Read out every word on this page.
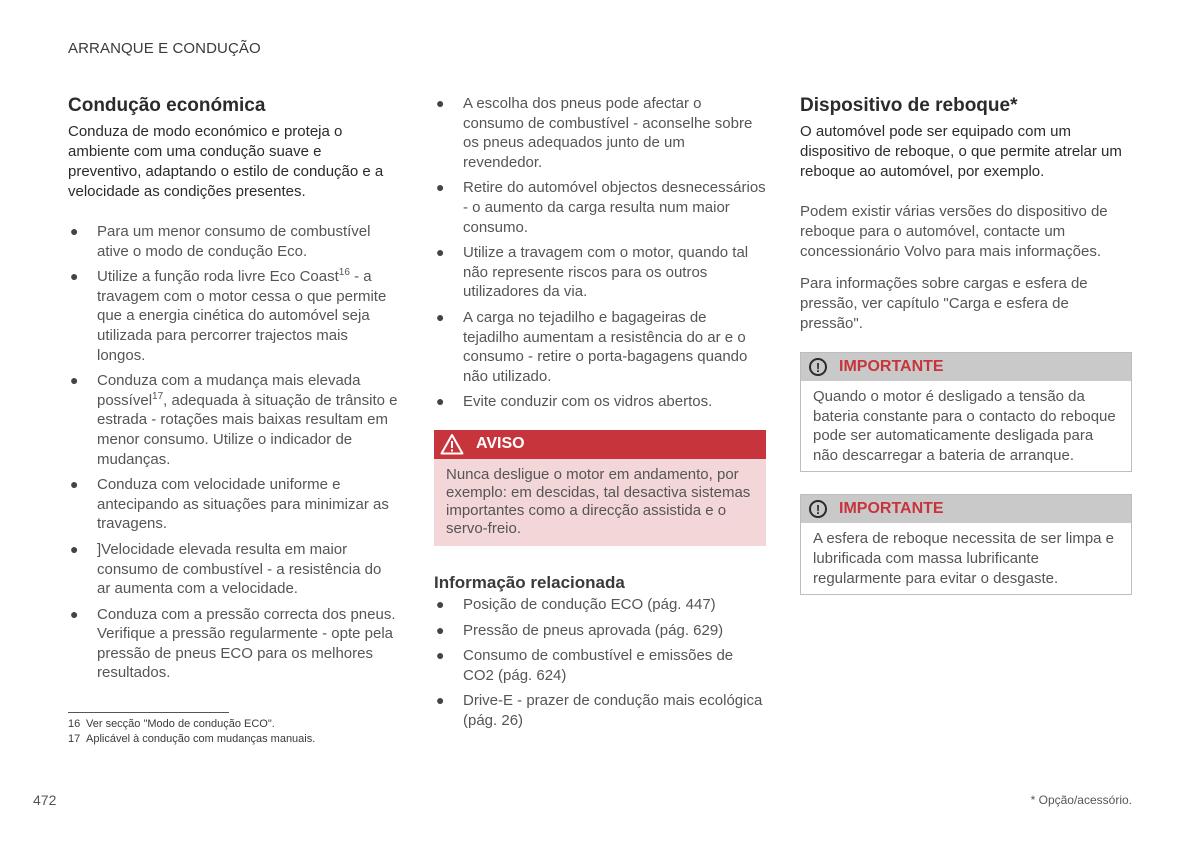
ARRANQUE E CONDUÇÃO
Condução económica

Conduza de modo económico e proteja o ambiente com uma condução suave e preventivo, adaptando o estilo de condução e a velocidade as condições presentes.

● Para um menor consumo de combustível ative o modo de condução Eco.
● Utilize a função roda livre Eco Coast$^{16}$ - a travagem com o motor cessa o que permite que a energia cinética do automóvel seja utilizada para percorrer trajectos mais longos.
● Conduza com a mudança mais elevada possível$^{17}$, adequada à situação de trânsito e estrada - rotações mais baixas resultam em menor consumo. Utilize o indicador de mudanças.
● Conduza com velocidade uniforme e antecipando as situações para minimizar as travagens.
● ]Velocidade elevada resulta em maior consumo de combustível - a resistência do ar aumenta com a velocidade.
● Conduza com a pressão correcta dos pneus. Verifique a pressão regularmente - opte pela pressão de pneus ECO para os melhores resultados.
● A escolha dos pneus pode afectar o consumo de combustível - aconselhe sobre os pneus adequados junto de um revendedor.
● Retire do automóvel objectos desnecessários - o aumento da carga resulta num maior consumo.
● Utilize a travagem com o motor, quando tal não represente riscos para os outros utilizadores da via.
● A carga no tejadilho e bagageiras de tejadilho aumentam a resistência do ar e o consumo - retire o porta-bagagens quando não utilizado.
● Evite conduzir com os vidros abertos.
AVISO
Nunca desligue o motor em andamento, por exemplo: em descidas, tal desactiva sistemas importantes como a direcção assistida e o servo-freio.
Informação relacionada
● Posição de condução ECO (pág. 447)
● Pressão de pneus aprovada (pág. 629)
● Consumo de combustível e emissões de CO2 (pág. 624)
● Drive-E - prazer de condução mais ecológica (pág. 26)
Dispositivo de reboque*

O automóvel pode ser equipado com um dispositivo de reboque, o que permite atrelar um reboque ao automóvel, por exemplo.

Podem existir várias versões do dispositivo de reboque para o automóvel, contacte um concessionário Volvo para mais informações.

Para informações sobre cargas e esfera de pressão, ver capítulo "Carga e esfera de pressão".

!	IMPORTANTE
Quando o motor é desligado a tensão da bateria constante para o contacto do reboque pode ser automaticamente desligada para não descarregar a bateria de arranque.
!	IMPORTANTE
A esfera de reboque necessita de ser limpa e lubrificada com massa lubrificante regularmente para evitar o desgaste.
16 Ver secção "Modo de condução ECO".
17 Aplicável à condução com mudanças manuais.
472	* Opção/acessório.
